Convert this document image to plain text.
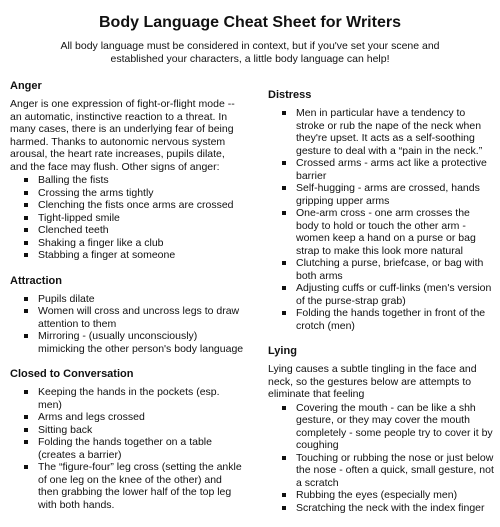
Body Language Cheat Sheet for Writers
All body language must be considered in context, but if you've set your scene and established your characters, a little body language can help!
Anger
Anger is one expression of fight-or-flight mode -- an automatic, instinctive reaction to a threat. In many cases, there is an underlying fear of being harmed. Thanks to autonomic nervous system arousal, the heart rate increases, pupils dilate, and the face may flush. Other signs of anger:
Balling the fists
Crossing the arms tightly
Clenching the fists once arms are crossed
Tight-lipped smile
Clenched teeth
Shaking a finger like a club
Stabbing a finger at someone
Attraction
Pupils dilate
Women will cross and uncross legs to draw attention to them
Mirroring - (usually unconsciously) mimicking the other person's body language
Closed to Conversation
Keeping the hands in the pockets (esp. men)
Arms and legs crossed
Sitting back
Folding the hands together on a table (creates a barrier)
The “figure-four” leg cross (setting the ankle of one leg on the knee of the other) and then grabbing the lower half of the top leg with both hands.
Distress
Men in particular have a tendency to stroke or rub the nape of the neck when they're upset. It acts as a self-soothing gesture to deal with a “pain in the neck.”
Crossed arms - arms act like a protective barrier
Self-hugging - arms are crossed, hands gripping upper arms
One-arm cross - one arm crosses the body to hold or touch the other arm - women keep a hand on a purse or bag strap to make this look more natural
Clutching a purse, briefcase, or bag with both arms
Adjusting cuffs or cuff-links (men's version of the purse-strap grab)
Folding the hands together in front of the crotch (men)
Lying
Lying causes a subtle tingling in the face and neck, so the gestures below are attempts to eliminate that feeling
Covering the mouth - can be like a shh gesture, or they may cover the mouth completely - some people try to cover it by coughing
Touching or rubbing the nose or just below the nose - often a quick, small gesture, not a scratch
Rubbing the eyes (especially men)
Scratching the neck with the index finger
